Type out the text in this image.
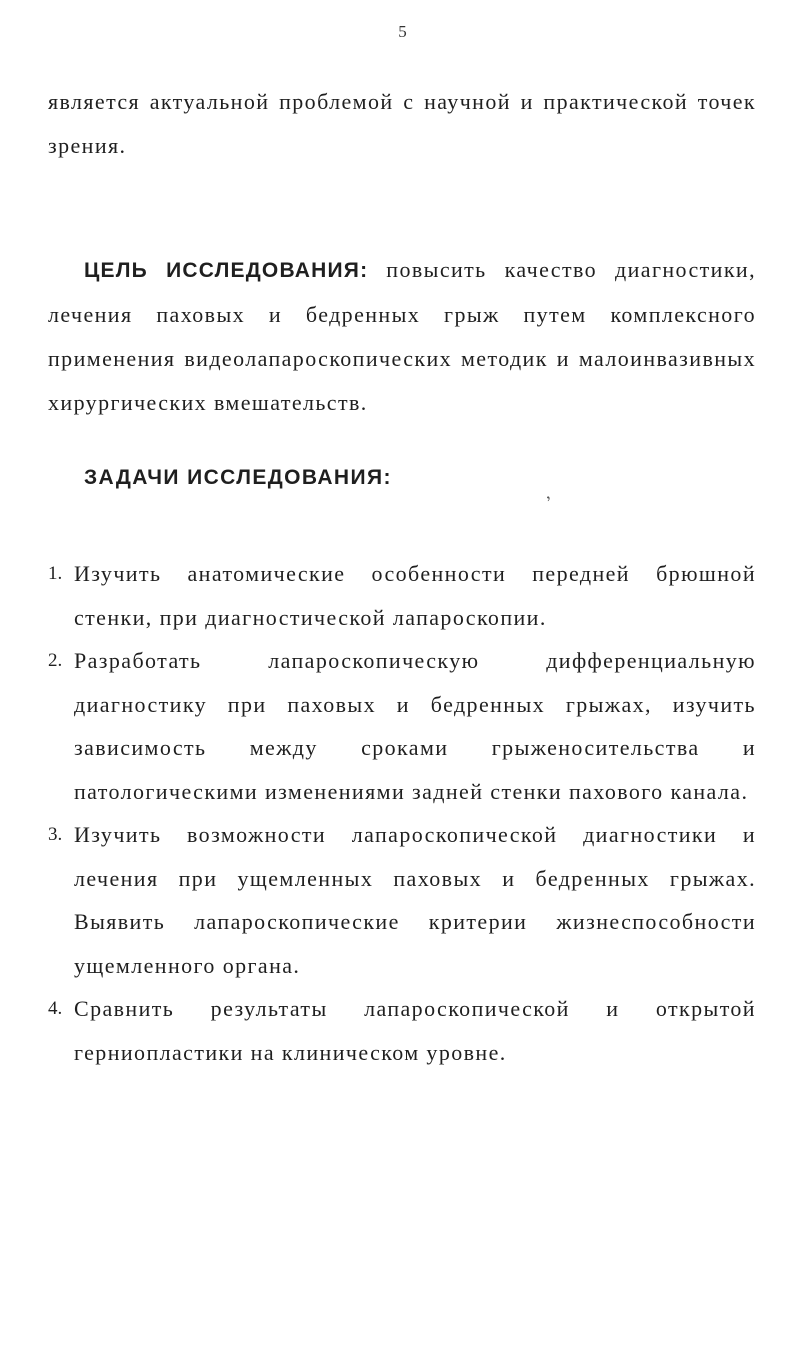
5

является актуальной проблемой с научной и практической точек зрения.

ЦЕЛЬ ИССЛЕДОВАНИЯ: повысить качество диагностики, лечения паховых и бедренных грыж путем комплексного применения видеолапароскопических методик и малоинвазивных хирургических вмешательств.

ЗАДАЧИ ИССЛЕДОВАНИЯ:
ʼ
1. Изучить анатомические особенности передней брюшной стенки, при диагностической лапароскопии.
2. Разработать лапароскопическую дифференциальную диагностику при паховых и бедренных грыжах, изучить зависимость между сроками грыженосительства и патологическими изменениями задней стенки пахового канала.
3. Изучить возможности лапароскопической диагностики и лечения при ущемленных паховых и бедренных грыжах. Выявить лапароскопические критерии жизнеспособности ущемленного органа.
4. Сравнить результаты лапароскопической и открытой герниопластики на клиническом уровне.
